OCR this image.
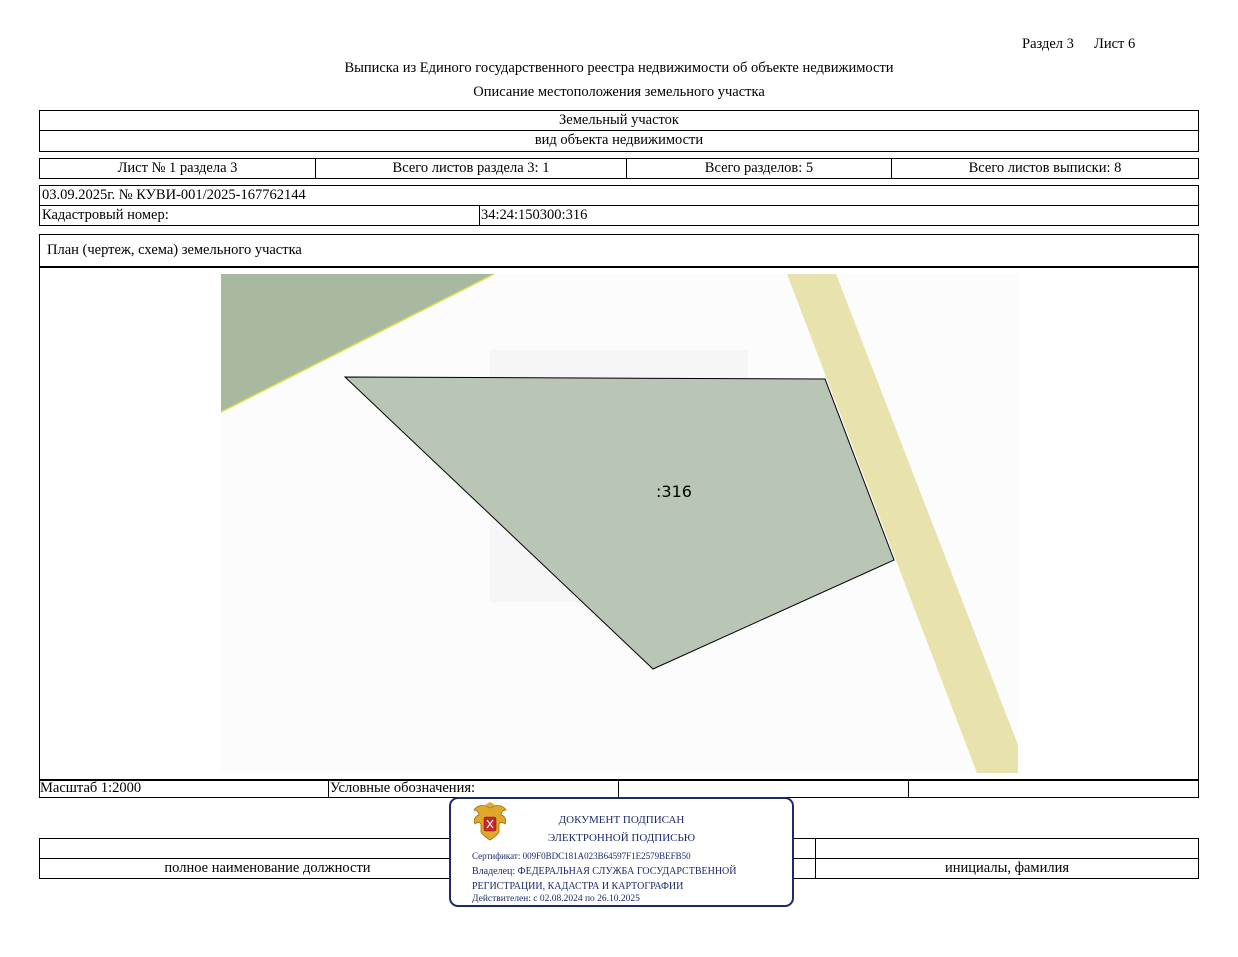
Раздел 3 Лист 6
Выписка из Единого государственного реестра недвижимости об объекте недвижимости
Описание местоположения земельного участка
Земельный участок
вид объекта недвижимости
Лист № 1 раздела 3	Всего листов раздела 3: 1	Всего разделов: 5	Всего листов выписки: 8
03.09.2025г. № КУВИ-001/2025-167762144
Кадастровый номер:	34:24:150300:316
План (чертеж, схема) земельного участка
:316
Масштаб 1:2000	Условные обозначения:
полное наименование должности	инициалы, фамилия
ДОКУМЕНТ ПОДПИСАН
ЭЛЕКТРОННОЙ ПОДПИСЬЮ
Сертификат: 009F0BDC181A023B64597F1E2579BEFB50
Владелец: ФЕДЕРАЛЬНАЯ СЛУЖБА ГОСУДАРСТВЕННОЙ
РЕГИСТРАЦИИ, КАДАСТРА И КАРТОГРАФИИ
Действителен: с 02.08.2024 по 26.10.2025
